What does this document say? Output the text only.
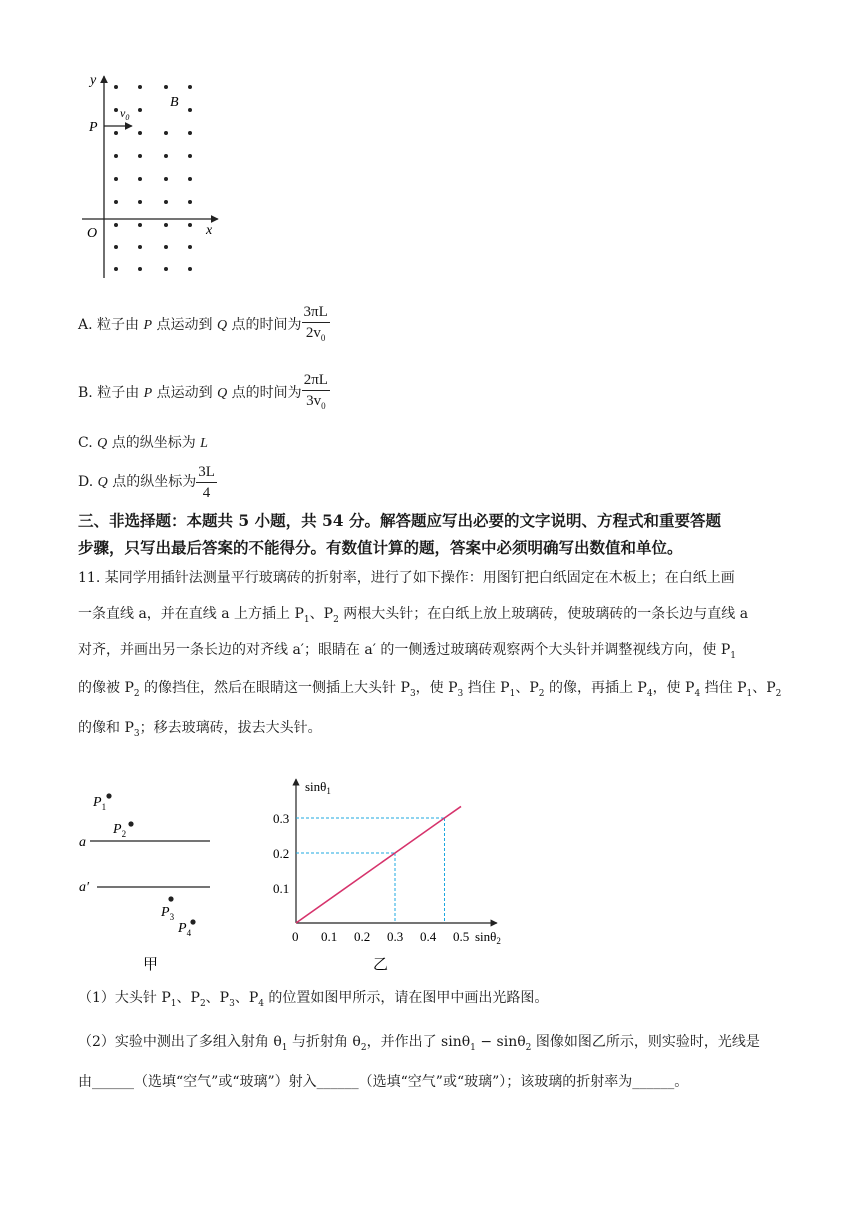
y
x
O
P
B
$v_0$
A. 粒子由 P 点运动到 Q 点的时间为 $\frac{3\pi L}{2v_0}$
B. 粒子由 P 点运动到 Q 点的时间为 $\frac{2\pi L}{3v_0}$
C. Q 点的纵坐标为 L
D. Q 点的纵坐标为 $\frac{3L}{4}$
三、非选择题：本题共 5 小题，共 54 分。解答题应写出必要的文字说明、方程式和重要答题
步骤，只写出最后答案的不能得分。有数值计算的题，答案中必须明确写出数值和单位。
11. 某同学用插针法测量平行玻璃砖的折射率，进行了如下操作：用图钉把白纸固定在木板上；在白纸上画
一条直线 a，并在直线 a 上方插上 $P_1$、$P_2$ 两根大头针；在白纸上放上玻璃砖，使玻璃砖的一条长边与直线 a
对齐，并画出另一条长边的对齐线 a′；眼睛在 a′ 的一侧透过玻璃砖观察两个大头针并调整视线方向，使 $P_1$
的像被 $P_2$ 的像挡住，然后在眼睛这一侧插上大头针 $P_3$，使 $P_3$ 挡住 $P_1$、$P_2$ 的像，再插上 $P_4$，使 $P_4$ 挡住 $P_1$、$P_2$
的像和 $P_3$；移去玻璃砖，拔去大头针。
a
a′
$P_1$
$P_2$
$P_3$
$P_4$
甲
0 0.1 0.2 0.3 0.4 0.5
0.1
0.2
0.3
sinθ$_1$
sinθ$_2$
乙
（1）大头针 $P_1$、$P_2$、$P_3$、$P_4$ 的位置如图甲所示，请在图甲中画出光路图。
（2）实验中测出了多组入射角 $\theta_1$ 与折射角 $\theta_2$，并作出了 sinθ$_1$ − sinθ$_2$ 图像如图乙所示，则实验时，光线是
由______（选填“空气”或“玻璃”）射入______（选填“空气”或“玻璃”）；该玻璃的折射率为______。
